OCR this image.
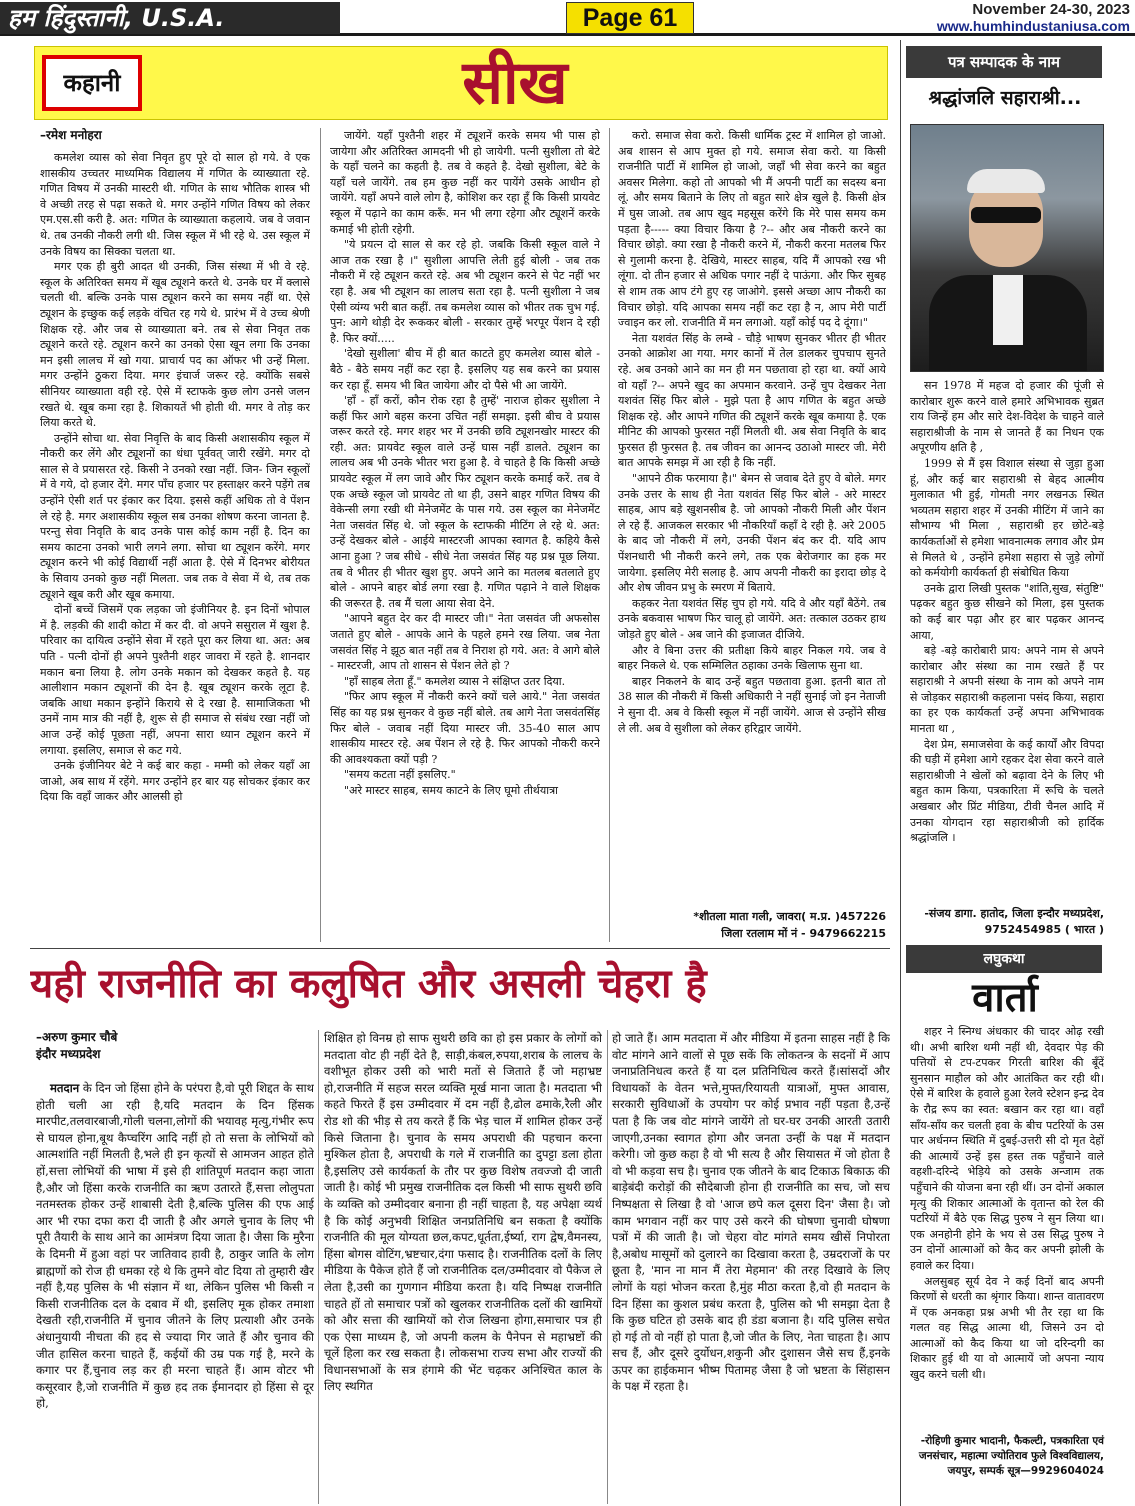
हम हिंदुस्तानी, U.S.A.	Page 61	November 24-30, 2023
www.humhindustaniusa.com
कहानी	सीख
–रमेश मनोहरा

कमलेश व्यास को सेवा निवृत हुए पूरे दो साल हो गये. वे एक शासकीय उच्चतर माध्यमिक विद्यालय में गणित के व्याख्याता रहे. गणित विषय में उनकी मास्टरी थी. गणित के साथ भौतिक शास्त्र भी वे अच्छी तरह से पढ़ा सकते थे. मगर उन्होंने गणित विषय को लेकर एम.एस.सी करी है. अत: गणित के व्याख्याता कहलाये. जब वे जवान थे. तब उनकी नौकरी लगी थी. जिस स्कूल में भी रहे थे. उस स्कूल में उनके विषय का सिक्का चलता था.

मगर एक ही बुरी आदत थी उनकी, जिस संस्था में भी वे रहे. स्कूल के अतिरिक्त समय में खूब ट्यूशने करते थे. उनके घर में क्लासे चलती थी. बल्कि उनके पास ट्यूशन करने का समय नहीं था. ऐसे ट्यूशन के इच्छुक कई लड़के वंचित रह गये थे. प्रारंभ में वे उच्च श्रेणी शिक्षक रहे. और जब से व्याख्याता बने. तब से सेवा निवृत तक ट्यूशने करते रहे. ट्यूशन करने का उनको ऐसा खून लगा कि उनका मन इसी लालच में खो गया. प्राचार्य पद का ऑफर भी उन्हें मिला. मगर उन्होंने ठुकरा दिया. मगर इंचार्ज जरूर रहे. क्योंकि सबसे सीनियर व्याख्याता वही रहे. ऐसे में स्टाफके कुछ लोग उनसे जलन रखते थे. खूब कमा रहा है. शिकायतें भी होती थी. मगर वे तोड़ कर लिया करते थे.

उन्होंने सोचा था. सेवा निवृत्ति के बाद किसी अशासकीय स्कूल में नौकरी कर लेंगे और ट्यूशनों का धंधा पूर्ववत् जारी रखेंगे. मगर दो साल से वे प्रयासरत रहे. किसी ने उनको रखा नहीं. जिन- जिन स्कूलों में वे गये, दो हजार देंगे. मगर पाँच हजार पर हस्ताक्षर करने पड़ेंगे तब उन्होंने ऐसी शर्त पर इंकार कर दिया. इससे कहीं अधिक तो वे पेंशन ले रहे है. मगर अशासकीय स्कूल सब उनका शोषण करना जानता है. परन्तु सेवा निवृति के बाद उनके पास कोई काम नहीं है. दिन का समय काटना उनको भारी लगने लगा. सोचा था ट्यूशन करेंगे. मगर ट्यूशन करने भी कोई विद्यार्थी नहीं आता है. ऐसे में दिनभर बोरीयत के सिवाय उनको कुछ नहीं मिलता. जब तक वे सेवा में थे, तब तक ट्यूशने खूब करी और खूब कमाया.

दोनों बच्चें जिसमें एक लड़का जो इंजीनियर है. इन दिनों भोपाल में है. लड़की की शादी कोटा में कर दी. वो अपने ससुराल में खुश है. परिवार का दायित्व उन्होंने सेवा में रहते पूरा कर लिया था. अत: अब पति - पत्नी दोनों ही अपने पुश्तैनी शहर जावरा में रहते है. शानदार मकान बना लिया है. लोग उनके मकान को देखकर कहते है. यह आलीशान मकान ट्यूशनों की देन है. खूब ट्यूशन करके लूटा है. जबकि आधा मकान इन्होंने किराये से दे रखा है. सामाजिकता भी उनमें नाम मात्र की नहीं है, शुरू से ही समाज से संबंध रखा नहीं जो आज उन्हें कोई पूछता नहीं, अपना सारा ध्यान ट्यूशन करने में लगाया. इसलिए, समाज से कट गये.

उनके इंजीनियर बेटे ने कई बार कहा - मम्मी को लेकर यहाँ आ जाओ, अब साथ में रहेंगे. मगर उन्होंने हर बार यह सोचकर इंकार कर दिया कि वहाँ जाकर और आलसी हो

जायेंगे. यहाँ पुश्तैनी शहर में ट्यूशनें करके समय भी पास हो जायेगा और अतिरिक्त आमदनी भी हो जायेगी. पत्नी सुशीला तो बेटे के यहाँ चलने का कहती है. तब वे कहते है. देखो सुशीला, बेटे के यहाँ चले जायेंगे. तब हम कुछ नहीं कर पायेंगे उसके आधीन हो जायेंगे. यहाँ अपने वाले लोग है, कोशिश कर रहा हूँ कि किसी प्रायवेट स्कूल में पढ़ाने का काम करूँ. मन भी लगा रहेगा और ट्यूशनें करके कमाई भी होती रहेगी.

"ये प्रयत्न दो साल से कर रहे हो. जबकि किसी स्कूल वाले ने आज तक रखा है ।" सुशीला आपत्ति लेती हुई बोली - जब तक नौकरी में रहे ट्यूशन करते रहे. अब भी ट्यूशन करने से पेट नहीं भर रहा है. अब भी ट्यूशन का लालच सता रहा है. पत्नी सुशीला ने जब ऐसी व्यंग्य भरी बात कहीं. तब कमलेश व्यास को भीतर तक चुभ गई. पुन: आगे थोड़ी देर रूककर बोली - सरकार तुम्हें भरपूर पेंशन दे रही है. फिर क्यों.....

'देखो सुशीला' बीच में ही बात काटते हुए कमलेश व्यास बोले - बैठे - बैठे समय नहीं कट रहा है. इसलिए यह सब करने का प्रयास कर रहा हूँ. समय भी बित जायेगा और दो पैसे भी आ जायेंगे.

'हाँ - हाँ करों, कौन रोक रहा है तुम्हें' नाराज होकर सुशीला ने कहीं फिर आगे बहस करना उचित नहीं समझा. इसी बीच वे प्रयास जरूर करते रहे. मगर शहर भर में उनकी छवि ट्यूशनखोर मास्टर की रही. अत: प्रायवेट स्कूल वाले उन्हें घास नहीं डालते. ट्यूशन का लालच अब भी उनके भीतर भरा हुआ है. वे चाहते है कि किसी अच्छे प्रायवेट स्कूल में लग जावे और फिर ट्यूशन करके कमाई करें. तब वे एक अच्छे स्कूल जो प्रायवेट तो था ही, उसने बाहर गणित विषय की वेकेन्सी लगा रखी थी मेनेजमेंट के पास गये. उस स्कूल का मेनेजमेंट नेता जसवंत सिंह थे. जो स्कूल के स्टाफकी मीटिंग ले रहे थे. अत: उन्हें देखकर बोले - आईये मास्टरजी आपका स्वागत है. कहिये कैसे आना हुआ ? जब सीधे - सीधे नेता जसवंत सिंह यह प्रश्न पूछ लिया. तब वे भीतर ही भीतर खुश हुए. अपने आने का मतलब बतलाते हुए बोले - आपने बाहर बोर्ड लगा रखा है. गणित पढ़ाने ने वाले शिक्षक की जरूरत है. तब मैं चला आया सेवा देने.

"आपने बहुत देर कर दी मास्टर जी।" नेता जसवंत जी अफसोस जताते हुए बोले - आपके आने के पहले हमने रख लिया. जब नेता जसवंत सिंह ने झूठ बात नहीं तब वे निराश हो गये. अत: वे आगे बोले - मास्टरजी, आप तो शासन से पेंशन लेते हो ?

"हाँ साहब लेता हूँ." कमलेश व्यास ने संक्षिप्त उतर दिया.

"फिर आप स्कूल में नौकरी करने क्यों चले आये." नेता जसवंत सिंह का यह प्रश्न सुनकर वे कुछ नहीं बोले. तब आगे नेता जसवंतसिंह फिर बोले - जवाब नहीं दिया मास्टर जी. 35-40 साल आप शासकीय मास्टर रहे. अब पेंशन ले रहे है. फिर आपको नौकरी करने की आवश्यकता क्यों पड़ी ?

"समय कटता नहीं इसलिए."

"अरे मास्टर साहब, समय काटने के लिए घूमो तीर्थयात्रा

करो. समाज सेवा करो. किसी धार्मिक ट्रस्ट में शामिल हो जाओ. अब शासन से आप मुक्त हो गये. समाज सेवा करो. या किसी राजनीति पार्टी में शामिल हो जाओ, जहाँ भी सेवा करने का बहुत अवसर मिलेगा. कहो तो आपको भी मैं अपनी पार्टी का सदस्य बना लूं. और समय बिताने के लिए तो बहुत सारे क्षेत्र खुले है. किसी क्षेत्र में घुस जाओ. तब आप खुद महसूस करेंगे कि मेरे पास समय कम पड़ता है----- क्या विचार किया है ?-- और अब नौकरी करने का विचार छोड़ो. क्या रखा है नौकरी करने में, नौकरी करना मतलब फिर से गुलामी करना है. देखिये, मास्टर साहब, यदि मैं आपको रख भी लूंगा. दो तीन हजार से अधिक पगार नहीं दे पाऊंगा. और फिर सुबह से शाम तक आप टंगे हुए रह जाओगे. इससे अच्छा आप नौकरी का विचार छोड़ो. यदि आपका समय नहीं कट रहा है न, आप मेरी पार्टी ज्वाइन कर लो. राजनीति में मन लगाओ. यहाँ कोई पद दे दूंगा।"

नेता यशवंत सिंह के लम्बे - चौड़े भाषण सुनकर भीतर ही भीतर उनको आक्रोश आ गया. मगर कानों में तेल डालकर चुपचाप सुनते रहे. अब उनको आने का मन ही मन पछतावा हो रहा था. क्यों आये वो यहाँ ?-- अपने खुद का अपमान करवाने. उन्हें चुप देखकर नेता यशवंत सिंह फिर बोले - मुझे पता है आप गणित के बहुत अच्छे शिक्षक रहे. और आपने गणित की ट्यूशनें करके खूब कमाया है. एक मीनिट की आपको फुरसत नहीं मिलती थी. अब सेवा निवृति के बाद फुरसत ही फुरसत है. तब जीवन का आनन्द उठाओ मास्टर जी. मेरी बात आपके समझ में आ रही है कि नहीं.

"आपने ठीक फरमाया है।" बेमन से जवाब देते हुए वे बोले. मगर उनके उत्तर के साथ ही नेता यशवंत सिंह फिर बोले - अरे मास्टर साहब, आप बड़े खुशनसीब है. जो आपको नौकरी मिली और पेंशन ले रहे हैं. आजकल सरकार भी नौकरियाँ कहाँ दे रही है. अरे 2005 के बाद जो नौकरी में लगे, उनकी पेंशन बंद कर दी. यदि आप पेंशनधारी भी नौकरी करने लगे, तक एक बेरोजगार का हक मर जायेगा. इसलिए मेरी सलाह है. आप अपनी नौकरी का इरादा छोड़ दे और शेष जीवन प्रभु के स्मरण में बिताये.

कहकर नेता यशवंत सिंह चुप हो गये. यदि वे और यहाँ बैठेंगे. तब उनके बकवास भाषण फिर चालू हो जायेंगे. अत: तत्काल उठकर हाथ जोड़ते हुए बोले - अब जाने की इजाजत दीजिये.

और वे बिना उत्तर की प्रतीक्षा किये बाहर निकल गये. जब वे बाहर निकले थे. एक सम्मिलित ठहाका उनके खिलाफ सुना था.

बाहर निकलने के बाद उन्हें बहुत पछतावा हुआ. इतनी बात तो 38 साल की नौकरी में किसी अधिकारी ने नहीं सुनाई जो इन नेताजी ने सुना दी. अब वे किसी स्कूल में नहीं जायेंगे. आज से उन्होंने सीख ले ली. अब वे सुशीला को लेकर हरिद्वार जायेंगे.

*शीतला माता गली, जावरा( म.प्र. )457226
जिला रतलाम मों नं - 9479662215
पत्र सम्पादक के नाम
श्रद्धांजलि सहाराश्री...

सन 1978 में महज दो हजार की पूंजी से कारोबार शुरू करने वाले हमारे अभिभावक सुब्रत राय जिन्हें हम और सारे देश-विदेश के चाहने वाले सहाराश्रीजी के नाम से जानते हैं का निधन एक अपूरणीय क्षति है ,

1999 से मैं इस विशाल संस्था से जुड़ा हुआ हूं, और कई बार सहाराश्री से बेहद आत्मीय मुलाकात भी हुई, गोमती नगर लखनऊ स्थित भव्यतम सहारा शहर में उनकी मीटिंग में जाने का सौभाग्य भी मिला , सहाराश्री हर छोटे-बड़े कार्यकर्ताओं से हमेशा भावनात्मक लगाव और प्रेम से मिलते थे , उन्होंने हमेशा सहारा से जुड़े लोगों को कर्मयोगी कार्यकर्ता ही संबोधित किया

उनके द्वारा लिखी पुस्तक "शांति,सुख, संतुष्टि" पढ़कर बहुत कुछ सीखने को मिला, इस पुस्तक को कई बार पढ़ा और हर बार पढ़कर आनन्द आया,

बड़े -बड़े कारोबारी प्राय: अपने नाम से अपने कारोबार और संस्था का नाम रखते हैं पर सहाराश्री ने अपनी संस्था के नाम को अपने नाम से जोड़कर सहाराश्री कहलाना पसंद किया, सहारा का हर एक कार्यकर्ता उन्हें अपना अभिभावक मानता था ,

देश प्रेम, समाजसेवा के कई कार्यों और विपदा की घड़ी में हमेशा आगे रहकर देश सेवा करने वाले सहाराश्रीजी ने खेलों को बढ़ावा देने के लिए भी बहुत काम किया, पत्रकारिता में रूचि के चलते अखबार और प्रिंट मीडिया, टीवी चैनल आदि में उनका योगदान रहा सहाराश्रीजी को हार्दिक श्रद्धांजलि ।

-संजय डागा. हातोद, जिला इन्दौर मध्यप्रदेश, 9752454985 ( भारत )
लघुकथा
वार्ता

शहर ने स्निग्ध अंधकार की चादर ओढ़ रखी थी। अभी बारिश थमी नहीं थी, देवदार पेड़ की पत्तियों से टप-टपकर गिरती बारिश की बूँदें सुनसान माहौल को और आतंकित कर रही थी। ऐसे में बारिश के हवाले हुआ रेलवे स्टेशन इन्द्र देव के रौद्र रूप का स्वत: बखान कर रहा था। वहाँ साँय-साँय कर चलती हवा के बीच पटरियों के उस पार अर्धनग्न स्थिति में दुबई-उत्तरी सी दो मृत देहों की आत्मायें उन्हें इस हस्त तक पहुँचाने वाले वहशी-दरिन्दे भेड़िये को उसके अन्जाम तक पहुँचाने की योजना बना रही थीं। उन दोनों अकाल मृत्यु की शिकार आत्माओं के वृतान्त को रेल की पटरियों में बैठे एक सिद्ध पुरुष ने सुन लिया था। एक अनहोनी होने के भय से उस सिद्ध पुरुष ने उन दोनों आत्माओं को कैद कर अपनी झोली के हवाले कर दिया।

अलसुबह सूर्य देव ने कई दिनों बाद अपनी किरणों से धरती का श्रृंगार किया। शान्त वातावरण में एक अनकहा प्रश्न अभी भी तैर रहा था कि गलत वह सिद्ध आत्मा थी, जिसने उन दो आत्माओं को कैद किया था जो दरिन्दगी का शिकार हुई थी या वो आत्मायें जो अपना न्याय खुद करने चली थी।

-रोहिणी कुमार भादानी, फैकल्टी, पत्रकारिता एवं जनसंचार, महात्मा ज्योतिराव फुले विश्वविद्यालय, जयपुर, सम्पर्क सूत्र—9929604024
यही राजनीति का कलुषित और असली चेहरा है
–अरुण कुमार चौबे
इंदौर मध्यप्रदेश

मतदान के दिन जो हिंसा होने के परंपरा है,वो पूरी शिद्दत के साथ होती चली आ रही है,यदि मतदान के दिन हिंसक मारपीट,तलवारबाजी,गोली चलना,लोगों की भयावह मृत्यु,गंभीर रूप से घायल होना,बूथ कैप्चरिंग आदि नहीं हो तो सत्ता के लोभियों को आत्मशांति नहीं मिलती है,भले ही इन कृत्यों से आमजन आहत होते हों,सत्ता लोभियों की भाषा में इसे ही शांतिपूर्ण मतदान कहा जाता है,और जो हिंसा करके राजनीति का ऋण उतारते हैं,सत्ता लोलुपता नतमस्तक होकर उन्हें शाबासी देती है,बल्कि पुलिस की एफ आई आर भी रफा दफा करा दी जाती है और अगले चुनाव के लिए भी पूरी तैयारी के साथ आने का आमंत्रण दिया जाता है। जैसा कि मुरैना के दिमनी में हुआ वहां पर जातिवाद हावी है, ठाकुर जाति के लोग ब्राह्मणों को रोज ही धमका रहे थे कि तुमने वोट दिया तो तुम्हारी खैर नहीं है,यह पुलिस के भी संज्ञान में था, लेकिन पुलिस भी किसी न किसी राजनीतिक दल के दबाव में थी, इसलिए मूक होकर तमाशा देखती रही,राजनीति में चुनाव जीतने के लिए प्रत्याशी और उनके अंधानुयायी नीचता की हद से ज्यादा गिर जाते हैं और चुनाव की जीत हासिल करना चाहते हैं, कईयों की उम्र पक गई है, मरने के कगार पर हैं,चुनाव लड़ कर ही मरना चाहते हैं। आम वोटर भी कसूरवार है,जो राजनीति में कुछ हद तक ईमानदार हो हिंसा से दूर हो,

शिक्षित हो विनम्र हो साफ सुथरी छवि का हो इस प्रकार के लोगों को मतदाता वोट ही नहीं देते है, साड़ी,कंबल,रुपया,शराब के लालच के वशीभूत होकर उसी को भारी मतों से जिताते हैं जो महाभ्रष्ट हो,राजनीति में सहज सरल व्यक्ति मूर्ख माना जाता है। मतदाता भी कहते फिरते हैं इस उम्मीदवार में दम नहीं है,ढोल ढमाके,रैली और रोड शो की भीड़ से तय करते हैं कि भेड़ चाल में शामिल होकर उन्हें किसे जिताना है। चुनाव के समय अपराधी की पहचान करना मुश्किल होता है, अपराधी के गले में राजनीति का दुपट्टा डला होता है,इसलिए उसे कार्यकर्ता के तौर पर कुछ विशेष तवज्जो दी जाती जाती है। कोई भी प्रमुख राजनीतिक दल किसी भी साफ सुथरी छवि के व्यक्ति को उम्मीदवार बनाना ही नहीं चाहता है, यह अपेक्षा व्यर्थ है कि कोई अनुभवी शिक्षित जनप्रतिनिधि बन सकता है क्योंकि राजनीति की मूल योग्यता छल,कपट,धूर्तता,ईर्ष्या, राग द्वेष,वैमनस्य, हिंसा बोगस वोटिंग,भ्रष्टचार,दंगा फसाद है। राजनीतिक दलों के लिए मीडिया के पैकेज होते हैं जो राजनीतिक दल/उम्मीदवार वो पैकेज ले लेता है,उसी का गुणगान मीडिया करता है। यदि निष्पक्ष राजनीति चाहते हों तो समाचार पत्रों को खुलकर राजनीतिक दलों की खामियों को और सत्ता की खामियों को रोज लिखना होगा,समाचार पत्र ही एक ऐसा माध्यम है, जो अपनी कलम के पैनेपन से महाभ्रष्टों की चूलें हिला कर रख सकता है। लोकसभा राज्य सभा और राज्यों की विधानसभाओं के सत्र हंगामे की भेंट चढ़कर अनिश्चित काल के लिए स्थगित

हो जाते हैं। आम मतदाता में और मीडिया में इतना साहस नहीं है कि वोट मांगने आने वालों से पूछ सकें कि लोकतन्त्र के सदनों में आप जनाप्रतिनिधत्व करते हैं या दल प्रतिनिधित्व करते हैं।सांसदों और विधायकों के वेतन भत्ते,मुफ्त/रियायती यात्राओं, मुफ्त आवास, सरकारी सुविधाओं के उपयोग पर कोई प्रभाव नहीं पड़ता है,उन्हें पता है कि जब वोट मांगने जायेंगे तो घर-घर उनकी आरती उतारी जाएगी,उनका स्वागत होगा और जनता उन्हीं के पक्ष में मतदान करेगी। जो कुछ कहा है वो भी सत्य है और सियासत में जो होता है वो भी कड़वा सच है। चुनाव एक जीतने के बाद टिकाऊ बिकाऊ की बाड़ेबंदी करोड़ों की सौदेबाजी होना ही राजनीति का सच, जो सच निष्पक्षता से लिखा है वो 'आज छपे कल दूसरा दिन' जैसा है। जो काम भगवान नहीं कर पाए उसे करने की घोषणा चुनावी घोषणा पत्रों में की जाती है। जो चेहरा वोट मांगते समय खीसें निपोरता है,अबोध मासूमों को दुलारने का दिखावा करता है, उम्रदराजों के पर छूता है, 'मान ना मान मैं तेरा मेहमान' की तरह दिखावे के लिए लोगों के यहां भोजन करता है,मुंह मीठा करता है,वो ही मतदान के दिन हिंसा का कुशल प्रबंध करता है, पुलिस को भी समझा देता है कि कुछ घटित हो उसके बाद ही डंडा बजाना है। यदि पुलिस सचेत हो गई तो वो नहीं हो पाता है,जो जीत के लिए, नेता चाहता है। आप सच हैं, और दूसरे दुर्योधन,शकुनी और दुशासन जैसे सच हैं,इनके ऊपर का हाईकमान भीष्म पितामह जैसा है जो भ्रष्टता के सिंहासन के पक्ष में रहता है।
